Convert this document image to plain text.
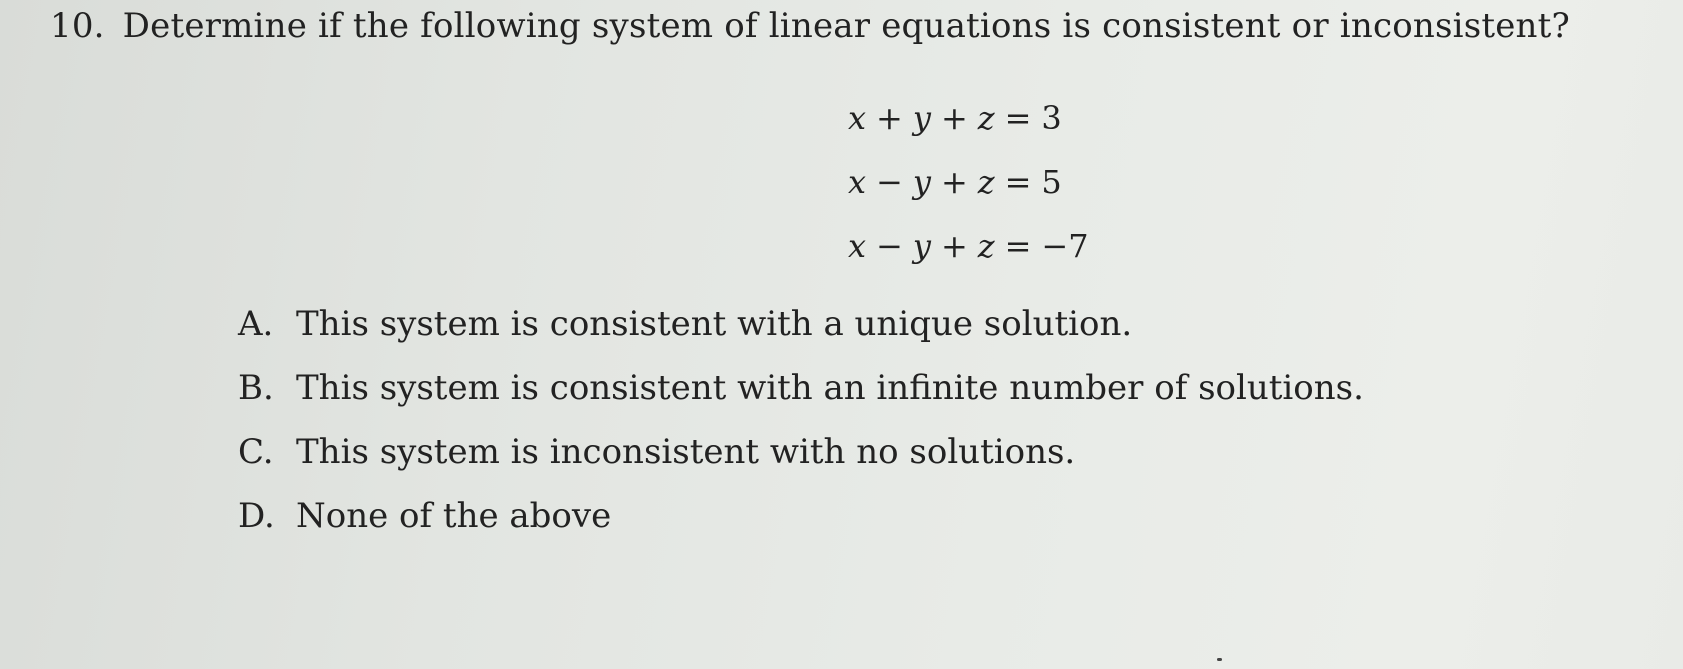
10. Determine if the following system of linear equations is consistent or inconsistent?
x + y + z = 3
x − y + z = 5
x − y + z = −7
A. This system is consistent with a unique solution.
B. This system is consistent with an infinite number of solutions.
C. This system is inconsistent with no solutions.
D. None of the above
